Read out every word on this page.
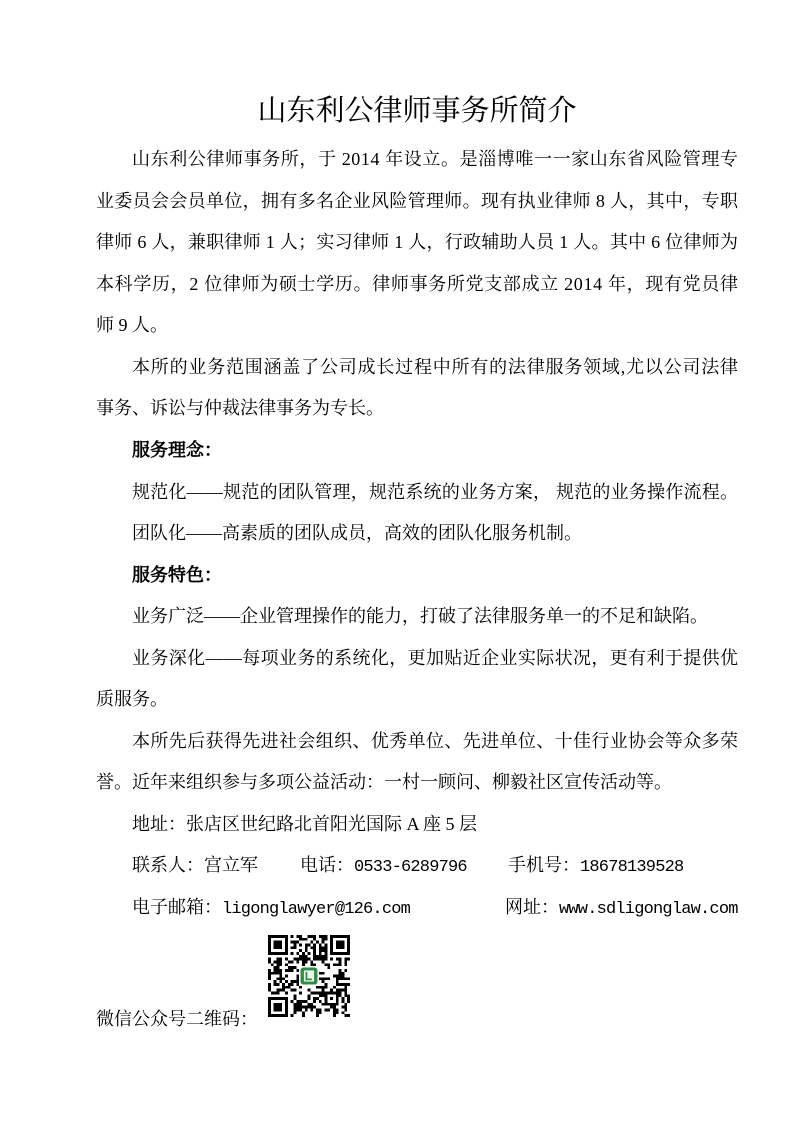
山东利公律师事务所简介
山东利公律师事务所，于 2014 年设立。是淄博唯一一家山东省风险管理专
业委员会会员单位，拥有多名企业风险管理师。现有执业律师 8 人，其中，专职
律师 6 人，兼职律师 1 人；实习律师 1 人，行政辅助人员 1 人。其中 6 位律师为
本科学历，2 位律师为硕士学历。律师事务所党支部成立 2014 年，现有党员律
师 9 人。
本所的业务范围涵盖了公司成长过程中所有的法律服务领域,尤以公司法律
事务、诉讼与仲裁法律事务为专长。
服务理念：
规范化——规范的团队管理，规范系统的业务方案， 规范的业务操作流程。
团队化——高素质的团队成员，高效的团队化服务机制。
服务特色：
业务广泛——企业管理操作的能力，打破了法律服务单一的不足和缺陷。
业务深化——每项业务的系统化，更加贴近企业实际状况，更有利于提供优
质服务。
本所先后获得先进社会组织、优秀单位、先进单位、十佳行业协会等众多荣
誉。近年来组织参与多项公益活动：一村一顾问、柳毅社区宣传活动等。
地址：张店区世纪路北首阳光国际 A 座 5 层
联系人：宫立军 电话：0533-6289796 手机号：18678139528
电子邮箱：ligonglawyer@126.com	网址：www.sdligonglaw.com
微信公众号二维码：
